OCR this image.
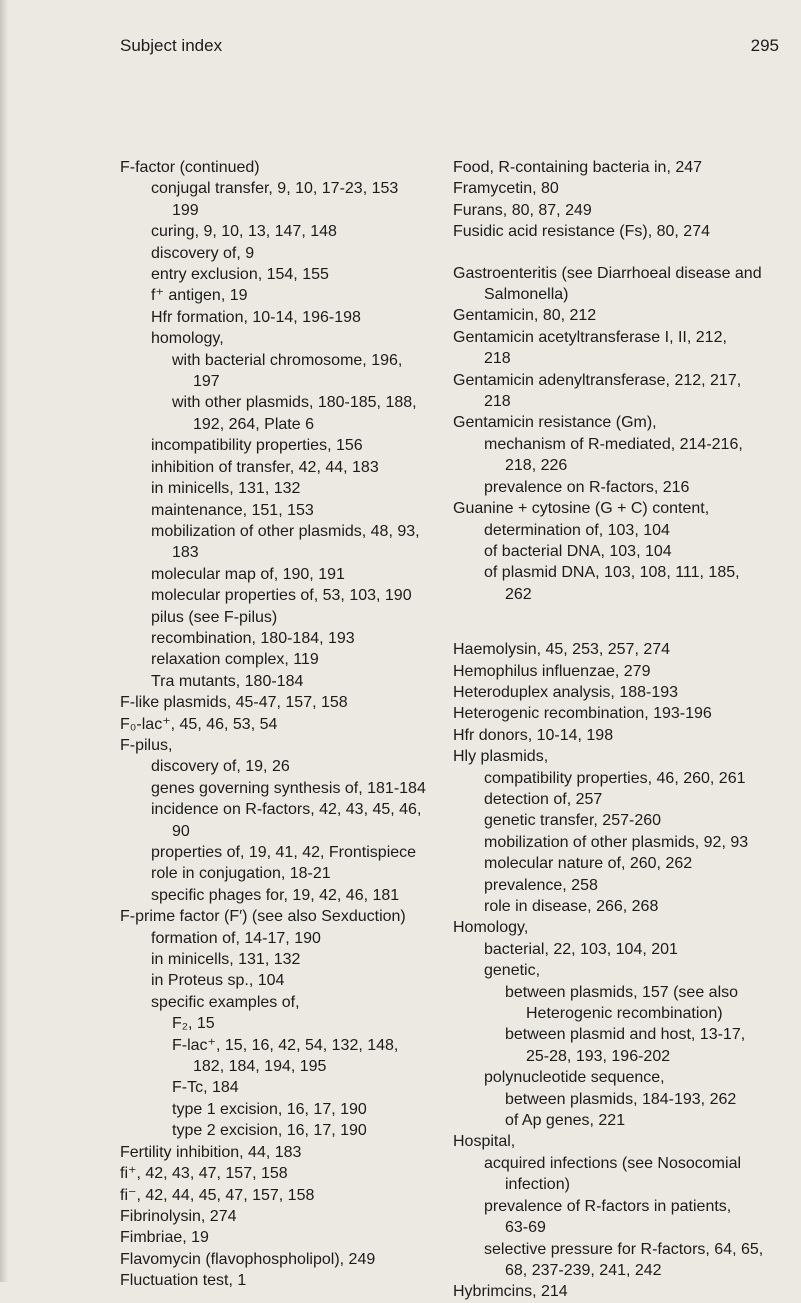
Subject index	295
F-factor (continued)
conjugal transfer, 9, 10, 17-23, 153
199
curing, 9, 10, 13, 147, 148
discovery of, 9
entry exclusion, 154, 155
f⁺ antigen, 19
Hfr formation, 10-14, 196-198
homology,
with bacterial chromosome, 196,
197
with other plasmids, 180-185, 188,
192, 264, Plate 6
incompatibility properties, 156
inhibition of transfer, 42, 44, 183
in minicells, 131, 132
maintenance, 151, 153
mobilization of other plasmids, 48, 93,
183
molecular map of, 190, 191
molecular properties of, 53, 103, 190
pilus (see F-pilus)
recombination, 180-184, 193
relaxation complex, 119
Tra mutants, 180-184
F-like plasmids, 45-47, 157, 158
F₀-lac⁺, 45, 46, 53, 54
F-pilus,
discovery of, 19, 26
genes governing synthesis of, 181-184
incidence on R-factors, 42, 43, 45, 46,
90
properties of, 19, 41, 42, Frontispiece
role in conjugation, 18-21
specific phages for, 19, 42, 46, 181
F-prime factor (F′) (see also Sexduction)
formation of, 14-17, 190
in minicells, 131, 132
in Proteus sp., 104
specific examples of,
F₂, 15
F-lac⁺, 15, 16, 42, 54, 132, 148,
182, 184, 194, 195
F-Tc, 184
type 1 excision, 16, 17, 190
type 2 excision, 16, 17, 190
Fertility inhibition, 44, 183
fi⁺, 42, 43, 47, 157, 158
fi⁻, 42, 44, 45, 47, 157, 158
Fibrinolysin, 274
Fimbriae, 19
Flavomycin (flavophospholipol), 249
Fluctuation test, 1
Food, R-containing bacteria in, 247
Framycetin, 80
Furans, 80, 87, 249
Fusidic acid resistance (Fs), 80, 274
Gastroenteritis (see Diarrhoeal disease and
Salmonella)
Gentamicin, 80, 212
Gentamicin acetyltransferase I, II, 212,
218
Gentamicin adenyltransferase, 212, 217,
218
Gentamicin resistance (Gm),
mechanism of R-mediated, 214-216,
218, 226
prevalence on R-factors, 216
Guanine + cytosine (G + C) content,
determination of, 103, 104
of bacterial DNA, 103, 104
of plasmid DNA, 103, 108, 111, 185,
262
Haemolysin, 45, 253, 257, 274
Hemophilus influenzae, 279
Heteroduplex analysis, 188-193
Heterogenic recombination, 193-196
Hfr donors, 10-14, 198
Hly plasmids,
compatibility properties, 46, 260, 261
detection of, 257
genetic transfer, 257-260
mobilization of other plasmids, 92, 93
molecular nature of, 260, 262
prevalence, 258
role in disease, 266, 268
Homology,
bacterial, 22, 103, 104, 201
genetic,
between plasmids, 157 (see also
Heterogenic recombination)
between plasmid and host, 13-17,
25-28, 193, 196-202
polynucleotide sequence,
between plasmids, 184-193, 262
of Ap genes, 221
Hospital,
acquired infections (see Nosocomial
infection)
prevalence of R-factors in patients,
63-69
selective pressure for R-factors, 64, 65,
68, 237-239, 241, 242
Hybrimcins, 214
